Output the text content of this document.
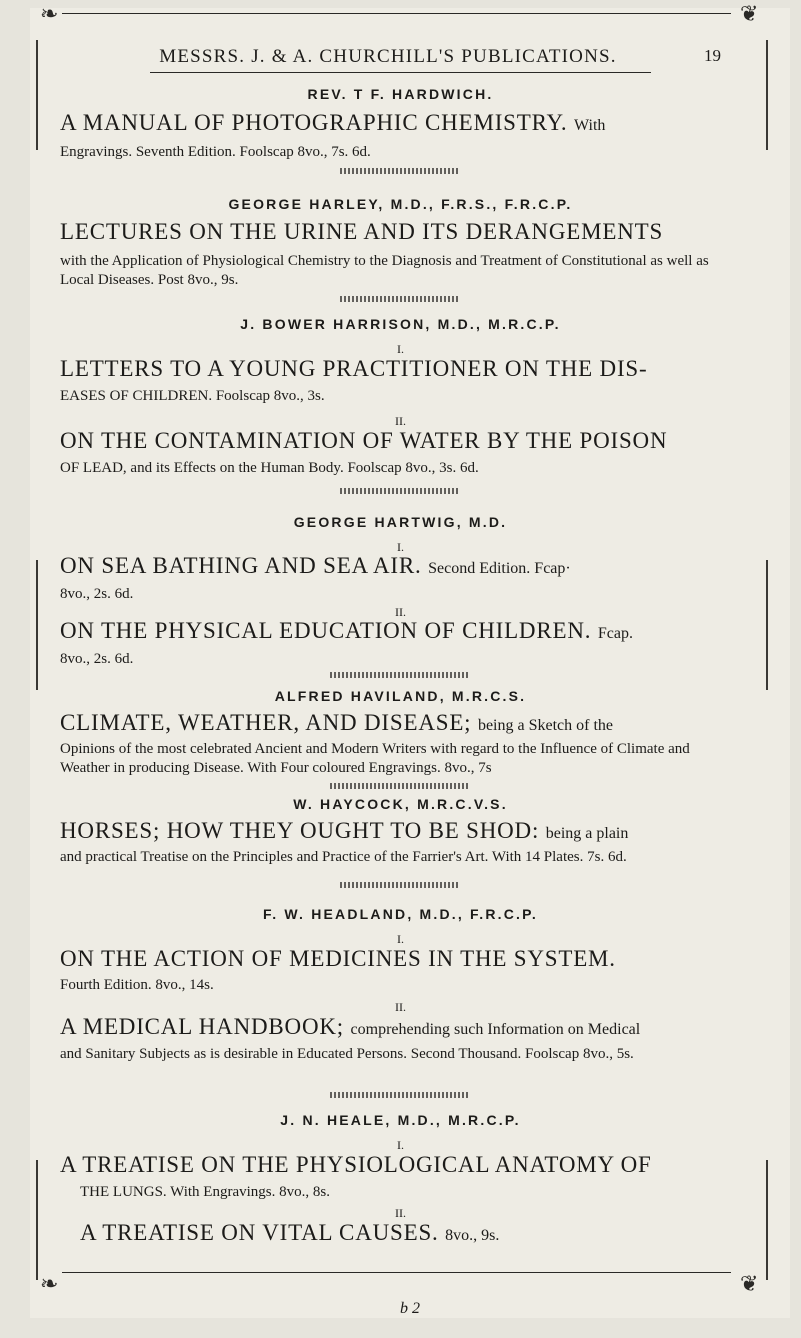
❧	❦
❧	❦
MESSRS. J. & A. CHURCHILL'S PUBLICATIONS.	19
REV. T F. HARDWICH.
A MANUAL OF PHOTOGRAPHIC CHEMISTRY. With
Engravings. Seventh Edition. Foolscap 8vo., 7s. 6d.
GEORGE HARLEY, M.D., F.R.S., F.R.C.P.
LECTURES ON THE URINE AND ITS DERANGEMENTS
with the Application of Physiological Chemistry to the Diagnosis and Treatment of Constitutional as well as Local Diseases. Post 8vo., 9s.
J. BOWER HARRISON, M.D., M.R.C.P.
I.
LETTERS TO A YOUNG PRACTITIONER ON THE DIS-
EASES OF CHILDREN. Foolscap 8vo., 3s.
II.
ON THE CONTAMINATION OF WATER BY THE POISON
OF LEAD, and its Effects on the Human Body. Foolscap 8vo., 3s. 6d.
GEORGE HARTWIG, M.D.
I.
ON SEA BATHING AND SEA AIR. Second Edition. Fcap·
8vo., 2s. 6d.
II.
ON THE PHYSICAL EDUCATION OF CHILDREN. Fcap.
8vo., 2s. 6d.
ALFRED HAVILAND, M.R.C.S.
CLIMATE, WEATHER, AND DISEASE; being a Sketch of the
Opinions of the most celebrated Ancient and Modern Writers with regard to the Influence of Climate and Weather in producing Disease. With Four coloured Engravings. 8vo., 7s
W. HAYCOCK, M.R.C.V.S.
HORSES; HOW THEY OUGHT TO BE SHOD: being a plain
and practical Treatise on the Principles and Practice of the Farrier's Art. With 14 Plates. 7s. 6d.
F. W. HEADLAND, M.D., F.R.C.P.
I.
ON THE ACTION OF MEDICINES IN THE SYSTEM.
Fourth Edition. 8vo., 14s.
II.
A MEDICAL HANDBOOK; comprehending such Information on Medical
and Sanitary Subjects as is desirable in Educated Persons. Second Thousand. Foolscap 8vo., 5s.
J. N. HEALE, M.D., M.R.C.P.
I.
A TREATISE ON THE PHYSIOLOGICAL ANATOMY OF
THE LUNGS. With Engravings. 8vo., 8s.
II.
A TREATISE ON VITAL CAUSES. 8vo., 9s.
b 2
